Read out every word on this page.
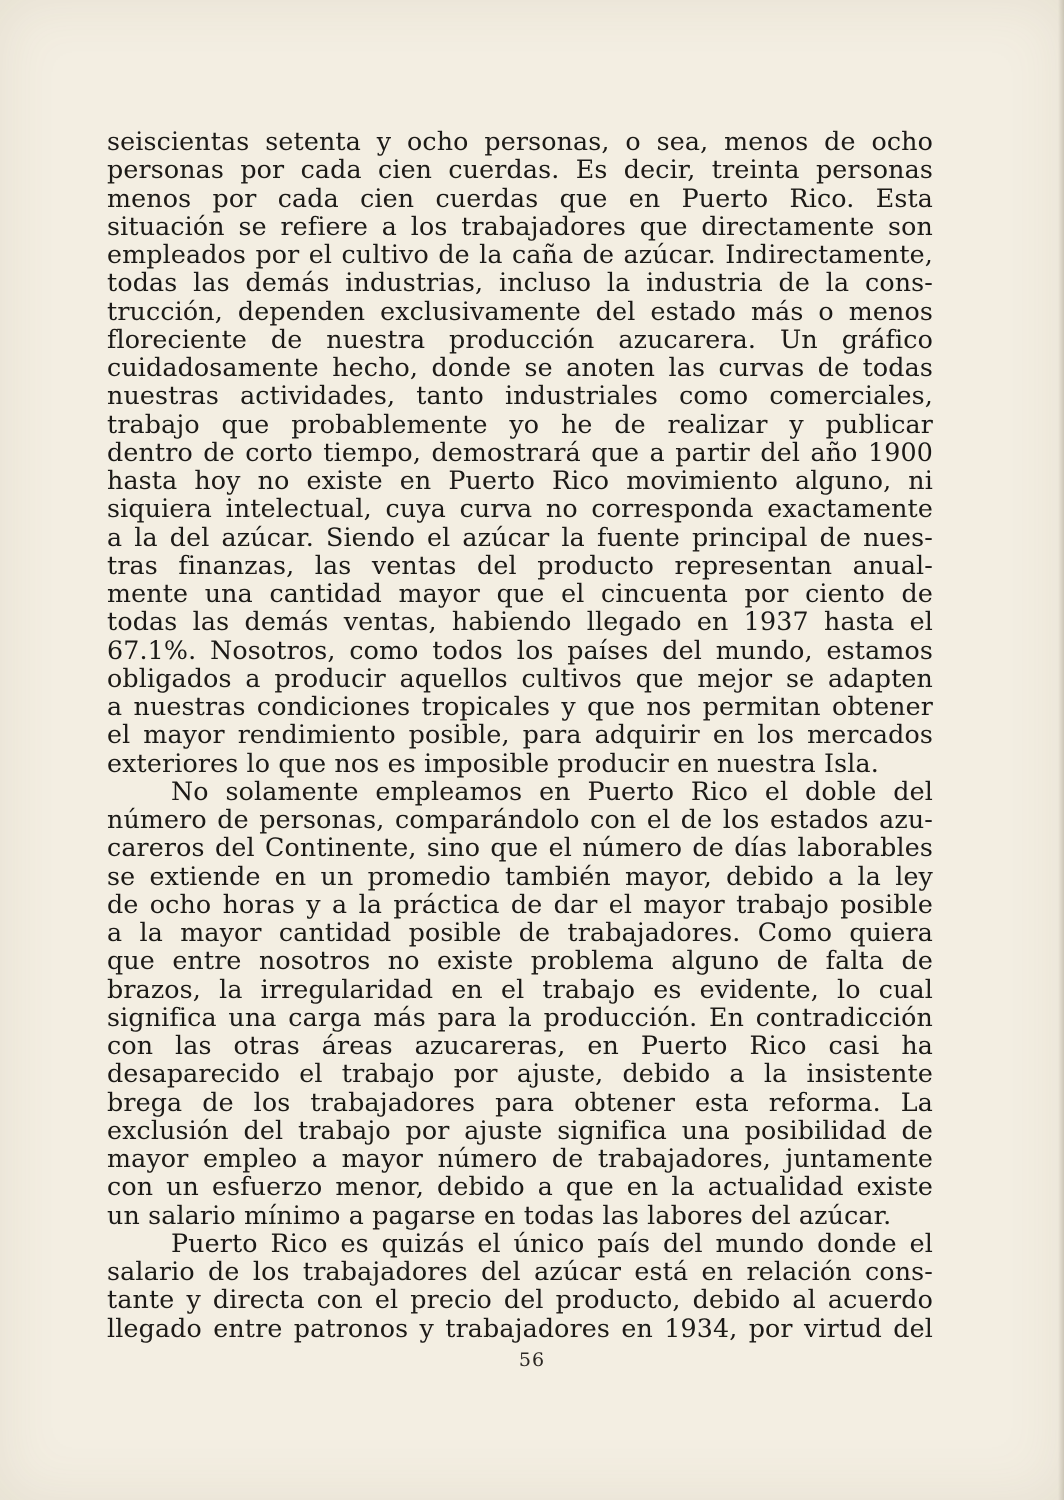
seiscientas setenta y ocho personas, o sea, menos de ocho
personas por cada cien cuerdas. Es decir, treinta personas
menos por cada cien cuerdas que en Puerto Rico. Esta
situación se refiere a los trabajadores que directamente son
empleados por el cultivo de la caña de azúcar. Indirectamente,
todas las demás industrias, incluso la industria de la cons-
trucción, dependen exclusivamente del estado más o menos
floreciente de nuestra producción azucarera. Un gráfico
cuidadosamente hecho, donde se anoten las curvas de todas
nuestras actividades, tanto industriales como comerciales,
trabajo que probablemente yo he de realizar y publicar
dentro de corto tiempo, demostrará que a partir del año 1900
hasta hoy no existe en Puerto Rico movimiento alguno, ni
siquiera intelectual, cuya curva no corresponda exactamente
a la del azúcar. Siendo el azúcar la fuente principal de nues-
tras finanzas, las ventas del producto representan anual-
mente una cantidad mayor que el cincuenta por ciento de
todas las demás ventas, habiendo llegado en 1937 hasta el
67.1%. Nosotros, como todos los países del mundo, estamos
obligados a producir aquellos cultivos que mejor se adapten
a nuestras condiciones tropicales y que nos permitan obtener
el mayor rendimiento posible, para adquirir en los mercados
exteriores lo que nos es imposible producir en nuestra Isla.
No solamente empleamos en Puerto Rico el doble del
número de personas, comparándolo con el de los estados azu-
careros del Continente, sino que el número de días laborables
se extiende en un promedio también mayor, debido a la ley
de ocho horas y a la práctica de dar el mayor trabajo posible
a la mayor cantidad posible de trabajadores. Como quiera
que entre nosotros no existe problema alguno de falta de
brazos, la irregularidad en el trabajo es evidente, lo cual
significa una carga más para la producción. En contradicción
con las otras áreas azucareras, en Puerto Rico casi ha
desaparecido el trabajo por ajuste, debido a la insistente
brega de los trabajadores para obtener esta reforma. La
exclusión del trabajo por ajuste significa una posibilidad de
mayor empleo a mayor número de trabajadores, juntamente
con un esfuerzo menor, debido a que en la actualidad existe
un salario mínimo a pagarse en todas las labores del azúcar.
Puerto Rico es quizás el único país del mundo donde el
salario de los trabajadores del azúcar está en relación cons-
tante y directa con el precio del producto, debido al acuerdo
llegado entre patronos y trabajadores en 1934, por virtud del
56
